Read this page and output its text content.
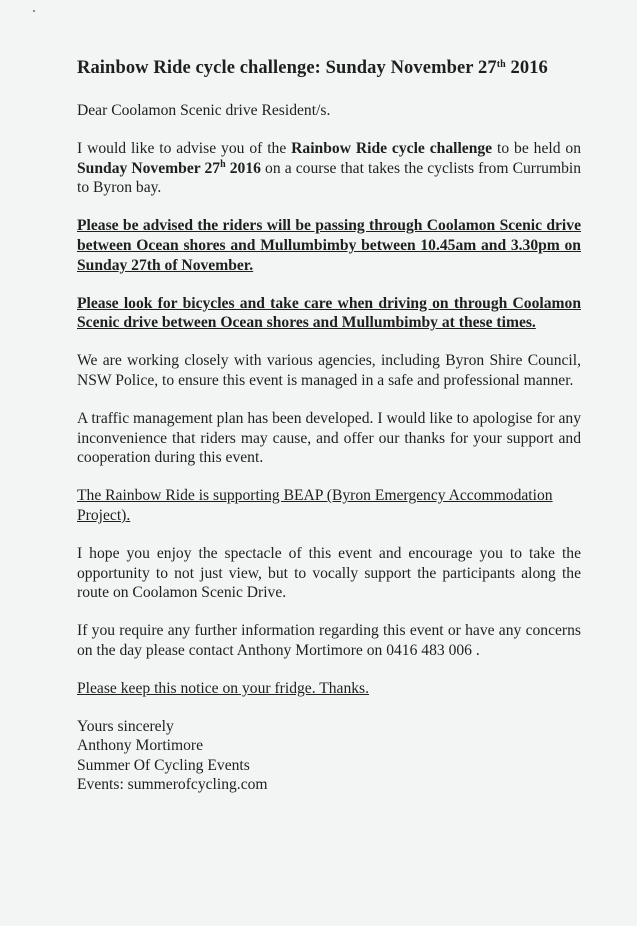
Rainbow Ride cycle challenge: Sunday November 27th 2016

Dear Coolamon Scenic drive Resident/s.

I would like to advise you of the Rainbow Ride cycle challenge to be held on Sunday November 27$^h$ 2016 on a course that takes the cyclists from Currumbin to Byron bay.

Please be advised the riders will be passing through Coolamon Scenic drive between Ocean shores and Mullumbimby between 10.45am and 3.30pm on Sunday 27th of November.

Please look for bicycles and take care when driving on through Coolamon Scenic drive between Ocean shores and Mullumbimby at these times.

We are working closely with various agencies, including Byron Shire Council, NSW Police, to ensure this event is managed in a safe and professional manner.

A traffic management plan has been developed. I would like to apologise for any inconvenience that riders may cause, and offer our thanks for your support and cooperation during this event.

The Rainbow Ride is supporting BEAP (Byron Emergency Accommodation Project).

I hope you enjoy the spectacle of this event and encourage you to take the opportunity to not just view, but to vocally support the participants along the route on Coolamon Scenic Drive.

If you require any further information regarding this event or have any concerns on the day please contact Anthony Mortimore on 0416 483 006 .

Please keep this notice on your fridge. Thanks.

Yours sincerely
Anthony Mortimore
Summer Of Cycling Events
Events: summerofcycling.com
